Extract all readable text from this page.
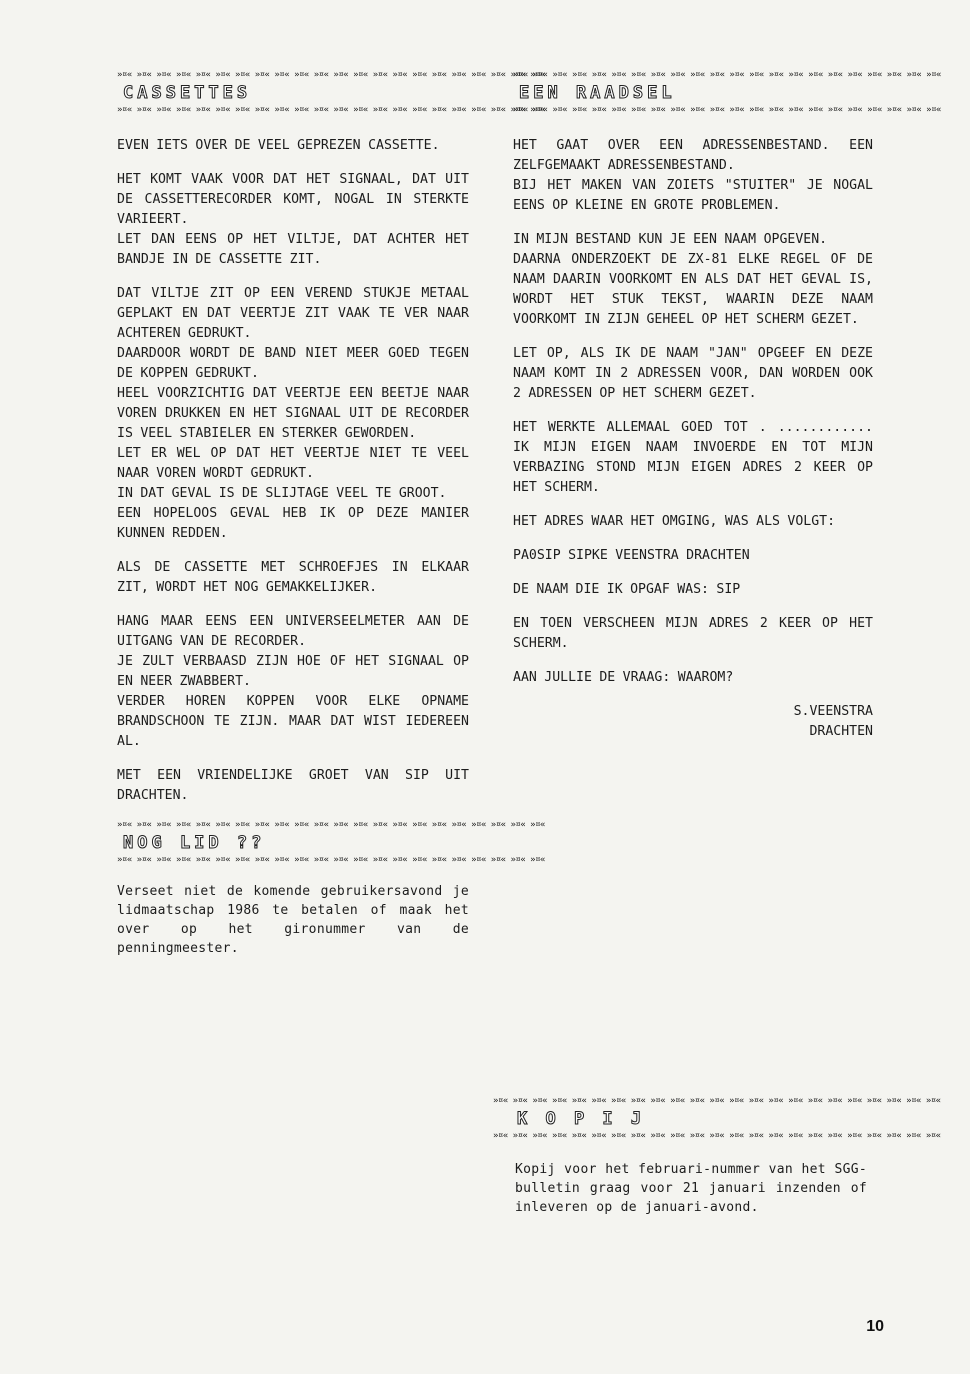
»¤« »¤« »¤« »¤« »¤« »¤« »¤« »¤« »¤« »¤« »¤« »¤« »¤« »¤« »¤« »¤« »¤« »¤« »¤« »¤« »¤« »¤«
CASSETTES
»¤« »¤« »¤« »¤« »¤« »¤« »¤« »¤« »¤« »¤« »¤« »¤« »¤« »¤« »¤« »¤« »¤« »¤« »¤« »¤« »¤« »¤«

EVEN IETS OVER DE VEEL GEPREZEN CASSETTE.

HET KOMT VAAK VOOR DAT HET SIGNAAL, DAT UIT DE CASSETTERECORDER KOMT, NOGAL IN STERKTE VARIEERT.

LET DAN EENS OP HET VILTJE, DAT ACHTER HET BANDJE IN DE CASSETTE ZIT.

DAT VILTJE ZIT OP EEN VEREND STUKJE METAAL GEPLAKT EN DAT VEERTJE ZIT VAAK TE VER NAAR ACHTEREN GEDRUKT.

DAARDOOR WORDT DE BAND NIET MEER GOED TEGEN DE KOPPEN GEDRUKT.

HEEL VOORZICHTIG DAT VEERTJE EEN BEETJE NAAR VOREN DRUKKEN EN HET SIGNAAL UIT DE RECORDER IS VEEL STABIELER EN STERKER GEWORDEN.

LET ER WEL OP DAT HET VEERTJE NIET TE VEEL NAAR VOREN WORDT GEDRUKT.

IN DAT GEVAL IS DE SLIJTAGE VEEL TE GROOT.

EEN HOPELOOS GEVAL HEB IK OP DEZE MANIER KUNNEN REDDEN.

ALS DE CASSETTE MET SCHROEFJES IN ELKAAR ZIT, WORDT HET NOG GEMAKKELIJKER.

HANG MAAR EENS EEN UNIVERSEELMETER AAN DE UITGANG VAN DE RECORDER.

JE ZULT VERBAASD ZIJN HOE OF HET SIGNAAL OP EN NEER ZWABBERT.

VERDER HOREN KOPPEN VOOR ELKE OPNAME BRANDSCHOON TE ZIJN. MAAR DAT WIST IEDEREEN AL.

MET EEN VRIENDELIJKE GROET VAN SIP UIT DRACHTEN.

»¤« »¤« »¤« »¤« »¤« »¤« »¤« »¤« »¤« »¤« »¤« »¤« »¤« »¤« »¤« »¤« »¤« »¤« »¤« »¤« »¤« »¤«
NOG LID ??
»¤« »¤« »¤« »¤« »¤« »¤« »¤« »¤« »¤« »¤« »¤« »¤« »¤« »¤« »¤« »¤« »¤« »¤« »¤« »¤« »¤« »¤«

Verseet niet de komende gebruikersavond je lidmaatschap 1986 te betalen of maak het over op het gironummer van de penningmeester.

»¤« »¤« »¤« »¤« »¤« »¤« »¤« »¤« »¤« »¤« »¤« »¤« »¤« »¤« »¤« »¤« »¤« »¤« »¤« »¤« »¤« »¤«
EEN RAADSEL
»¤« »¤« »¤« »¤« »¤« »¤« »¤« »¤« »¤« »¤« »¤« »¤« »¤« »¤« »¤« »¤« »¤« »¤« »¤« »¤« »¤« »¤«

HET GAAT OVER EEN ADRESSENBESTAND. EEN ZELFGEMAAKT ADRESSENBESTAND.

BIJ HET MAKEN VAN ZOIETS "STUITER" JE NOGAL EENS OP KLEINE EN GROTE PROBLEMEN.

IN MIJN BESTAND KUN JE EEN NAAM OPGEVEN.

DAARNA ONDERZOEKT DE ZX-81 ELKE REGEL OF DE NAAM DAARIN VOORKOMT EN ALS DAT HET GEVAL IS, WORDT HET STUK TEKST, WAARIN DEZE NAAM VOORKOMT IN ZIJN GEHEEL OP HET SCHERM GEZET.

LET OP, ALS IK DE NAAM "JAN" OPGEEF EN DEZE NAAM KOMT IN 2 ADRESSEN VOOR, DAN WORDEN OOK 2 ADRESSEN OP HET SCHERM GEZET.

HET WERKTE ALLEMAAL GOED TOT . ............ IK MIJN EIGEN NAAM INVOERDE EN TOT MIJN VERBAZING STOND MIJN EIGEN ADRES 2 KEER OP HET SCHERM.

HET ADRES WAAR HET OMGING, WAS ALS VOLGT:

PA0SIP SIPKE VEENSTRA DRACHTEN

DE NAAM DIE IK OPGAF WAS: SIP

EN TOEN VERSCHEEN MIJN ADRES 2 KEER OP HET SCHERM.

AAN JULLIE DE VRAAG: WAAROM?

S.VEENSTRA

DRACHTEN

»¤« »¤« »¤« »¤« »¤« »¤« »¤« »¤« »¤« »¤« »¤« »¤« »¤« »¤« »¤« »¤« »¤« »¤« »¤« »¤« »¤« »¤« »¤«
K O P I J
»¤« »¤« »¤« »¤« »¤« »¤« »¤« »¤« »¤« »¤« »¤« »¤« »¤« »¤« »¤« »¤« »¤« »¤« »¤« »¤« »¤« »¤« »¤«

Kopij voor het februari-nummer van het SGG-bulletin graag voor 21 januari inzenden of inleveren op de januari-avond.

10
